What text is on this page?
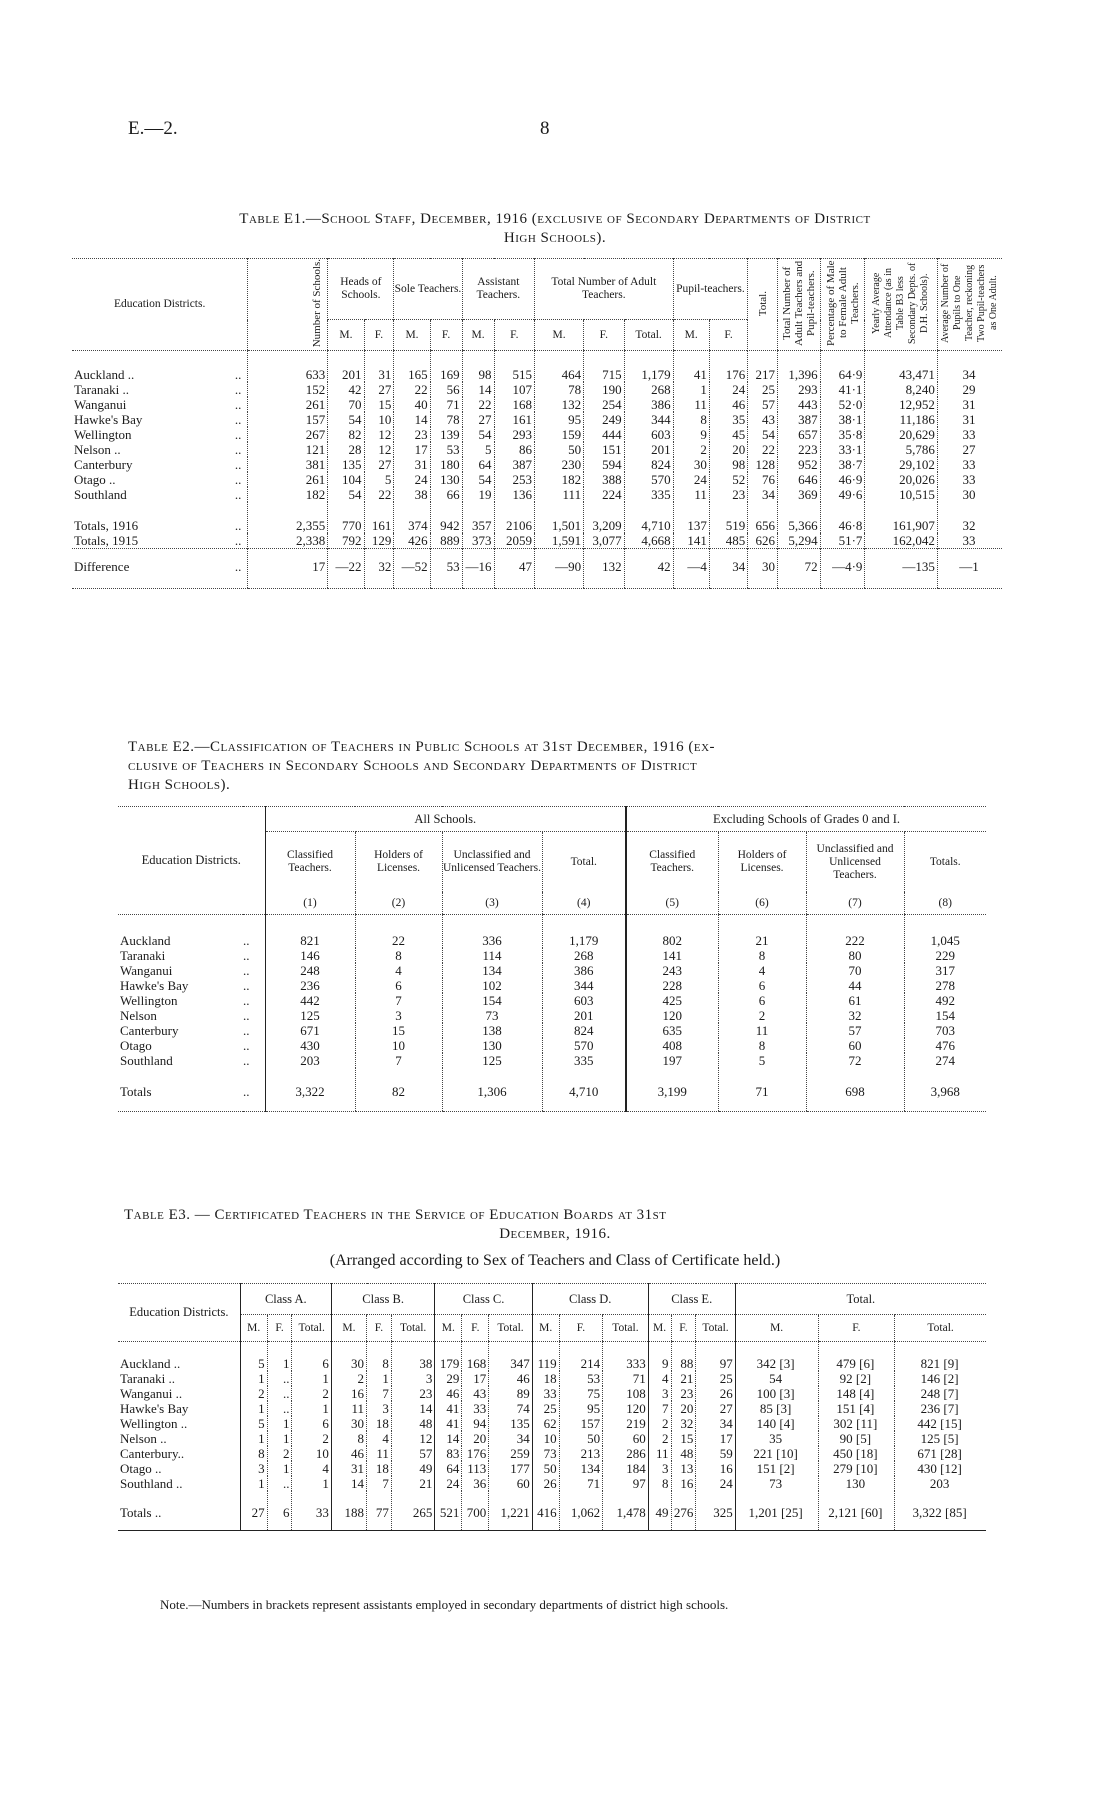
E.—2.	8
Table E1.—School Staff, December, 1916 (exclusive of Secondary Departments of District
High Schools).
Education Districts.	Number of Schools.	Heads of Schools.		Sole Teachers.		Assistant Teachers.		Total Number of Adult Teachers.			Pupil-teachers.		Total.	Total Number of Adult Teachers and Pupil-teachers.	Percentage of Male to Female Adult Teachers.	Yearly Average Attendance (as in Table B3 less Secondary Depts. of D.H. Schools).	Average Number of Pupils to One Teacher, reckoning Two Pupil-teachers as One Adult.
		M.	F.	M.	F.	M.	F.	M.	F.	Total.	M.	F.					
Auckland .. ..	633	201	31	165	169	98	515	464	715	1,179	41	176	217	1,396	64·9	43,471	34
Taranaki .. ..	152	42	27	22	56	14	107	78	190	268	1	24	25	293	41·1	8,240	29
Wanganui ..	261	70	15	40	71	22	168	132	254	386	11	46	57	443	52·0	12,952	31
Hawke's Bay ..	157	54	10	14	78	27	161	95	249	344	8	35	43	387	38·1	11,186	31
Wellington ..	267	82	12	23	139	54	293	159	444	603	9	45	54	657	35·8	20,629	33
Nelson .. ..	121	28	12	17	53	5	86	50	151	201	2	20	22	223	33·1	5,786	27
Canterbury ..	381	135	27	31	180	64	387	230	594	824	30	98	128	952	38·7	29,102	33
Otago .. ..	261	104	5	24	130	54	253	182	388	570	24	52	76	646	46·9	20,026	33
Southland ..	182	54	22	38	66	19	136	111	224	335	11	23	34	369	49·6	10,515	30
Totals, 1916 ..	2,355	770	161	374	942	357	2106	1,501	3,209	4,710	137	519	656	5,366	46·8	161,907	32
Totals, 1915 ..	2,338	792	129	426	889	373	2059	1,591	3,077	4,668	141	485	626	5,294	51·7	162,042	33
Difference ..	17	—22	32	—52	53	—16	47	—90	132	42	—4	34	30	72	—4·9	—135	—1
Table E2.—Classification of Teachers in Public Schools at 31st December, 1916 (ex-
clusive of Teachers in Secondary Schools and Secondary Departments of District
High Schools).
Education Districts.		All Schools.				Excluding Schools of Grades 0 and I.			
		Classified Teachers.	Holders of Licenses.	Unclassified and Unlicensed Teachers.	Total.	Classified Teachers.	Holders of Licenses.	Unclassified and Unlicensed Teachers.	Totals.
		(1)	(2)	(3)	(4)	(5)	(6)	(7)	(8)
Auckland	..	821	22	336	1,179	802	21	222	1,045
Taranaki	..	146	8	114	268	141	8	80	229
Wanganui	..	248	4	134	386	243	4	70	317
Hawke's Bay	..	236	6	102	344	228	6	44	278
Wellington	..	442	7	154	603	425	6	61	492
Nelson	..	125	3	73	201	120	2	32	154
Canterbury	..	671	15	138	824	635	11	57	703
Otago	..	430	10	130	570	408	8	60	476
Southland	..	203	7	125	335	197	5	72	274
Totals	..	3,322	82	1,306	4,710	3,199	71	698	3,968
Table E3. — Certificated Teachers in the Service of Education Boards at 31st
December, 1916.
(Arranged according to Sex of Teachers and Class of Certificate held.)
Education Districts.	Class A.			Class B.			Class C.			Class D.			Class E.			Total.		
	M.	F.	Total.	M.	F.	Total.	M.	F.	Total.	M.	F.	Total.	M.	F.	Total.	M.	F.	Total.
Auckland ..	5	1	6	30	8	38	179	168	347	119	214	333	9	88	97	342 [3]	479 [6]	821 [9]
Taranaki ..	1	..	1	2	1	3	29	17	46	18	53	71	4	21	25	54	92 [2]	146 [2]
Wanganui ..	2	..	2	16	7	23	46	43	89	33	75	108	3	23	26	100 [3]	148 [4]	248 [7]
Hawke's Bay	1	..	1	11	3	14	41	33	74	25	95	120	7	20	27	85 [3]	151 [4]	236 [7]
Wellington ..	5	1	6	30	18	48	41	94	135	62	157	219	2	32	34	140 [4]	302 [11]	442 [15]
Nelson ..	1	1	2	8	4	12	14	20	34	10	50	60	2	15	17	35	90 [5]	125 [5]
Canterbury..	8	2	10	46	11	57	83	176	259	73	213	286	11	48	59	221 [10]	450 [18]	671 [28]
Otago ..	3	1	4	31	18	49	64	113	177	50	134	184	3	13	16	151 [2]	279 [10]	430 [12]
Southland ..	1	..	1	14	7	21	24	36	60	26	71	97	8	16	24	73	130	203
Totals ..	27	6	33	188	77	265	521	700	1,221	416	1,062	1,478	49	276	325	1,201 [25]	2,121 [60]	3,322 [85]
Note.—Numbers in brackets represent assistants employed in secondary departments of district high schools.
